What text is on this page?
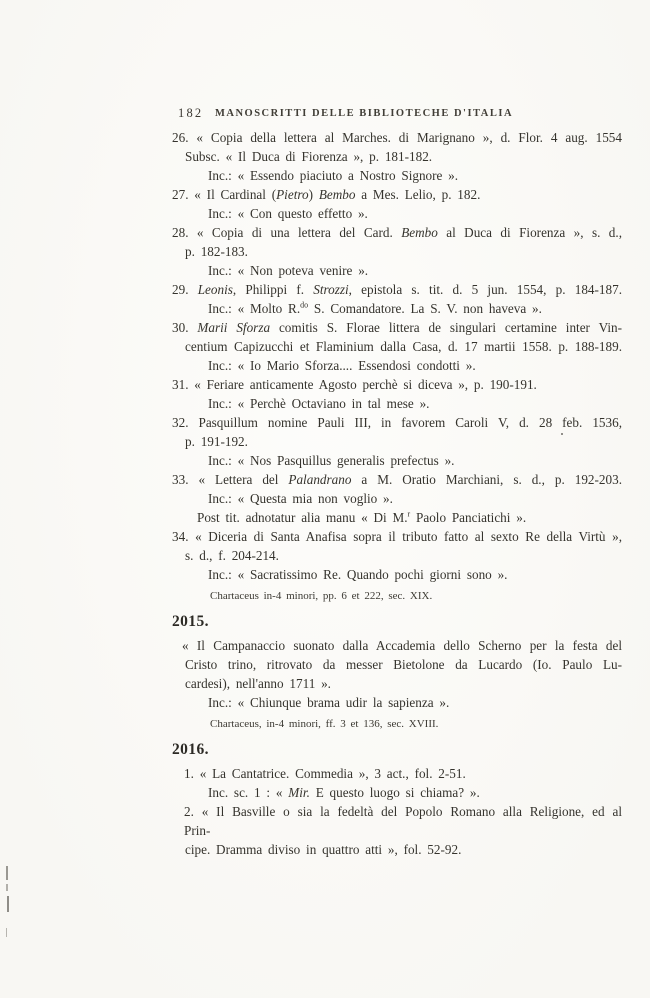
182	MANOSCRITTI DELLE BIBLIOTECHE D'ITALIA
26. « Copia della lettera al Marches. di Marignano », d. Flor. 4 aug. 1554
Subsc. « Il Duca di Fiorenza », p. 181-182.
Inc.: « Essendo piaciuto a Nostro Signore ».
27. « Il Cardinal (Pietro) Bembo a Mes. Lelio, p. 182.
Inc.: « Con questo effetto ».
28. « Copia di una lettera del Card. Bembo al Duca di Fiorenza », s. d.,
p. 182-183.
Inc.: « Non poteva venire ».
29. Leonis, Philippi f. Strozzi, epistola s. tit. d. 5 jun. 1554, p. 184-187.
Inc.: « Molto R.$^{do}$ S. Comandatore. La S. V. non haveva ».
30. Marii Sforza comitis S. Florae littera de singulari certamine inter Vin-
centium Capizucchi et Flaminium dalla Casa, d. 17 martii 1558. p. 188-189.
Inc.: « Io Mario Sforza.... Essendosi condotti ».
31. « Feriare anticamente Agosto perchè si diceva », p. 190-191.
Inc.: « Perchè Octaviano in tal mese ».
32. Pasquillum nomine Pauli III, in favorem Caroli V, d. 28 feb. 1536,
p. 191-192.
Inc.: « Nos Pasquillus generalis prefectus ».
33. « Lettera del Palandrano a M. Oratio Marchiani, s. d., p. 192-203.
Inc.: « Questa mia non voglio ».
Post tit. adnotatur alia manu « Di M.$^r$ Paolo Panciatichi ».
34. « Diceria di Santa Anafisa sopra il tributo fatto al sexto Re della Virtù »,
s. d., f. 204-214.
Inc.: « Sacratissimo Re. Quando pochi giorni sono ».
Chartaceus in-4 minori, pp. 6 et 222, sec. XIX.
2015.
« Il Campanaccio suonato dalla Accademia dello Scherno per la festa del
Cristo trino, ritrovato da messer Bietolone da Lucardo (Io. Paulo Lu-
cardesi), nell'anno 1711 ».
Inc.: « Chiunque brama udir la sapienza ».
Chartaceus, in-4 minori, ff. 3 et 136, sec. XVIII.
2016.
1. « La Cantatrice. Commedia », 3 act., fol. 2-51.
Inc. sc. 1 : « Mir. E questo luogo si chiama? ».
2. « Il Basville o sia la fedeltà del Popolo Romano alla Religione, ed al Prin-
cipe. Dramma diviso in quattro atti », fol. 52-92.
